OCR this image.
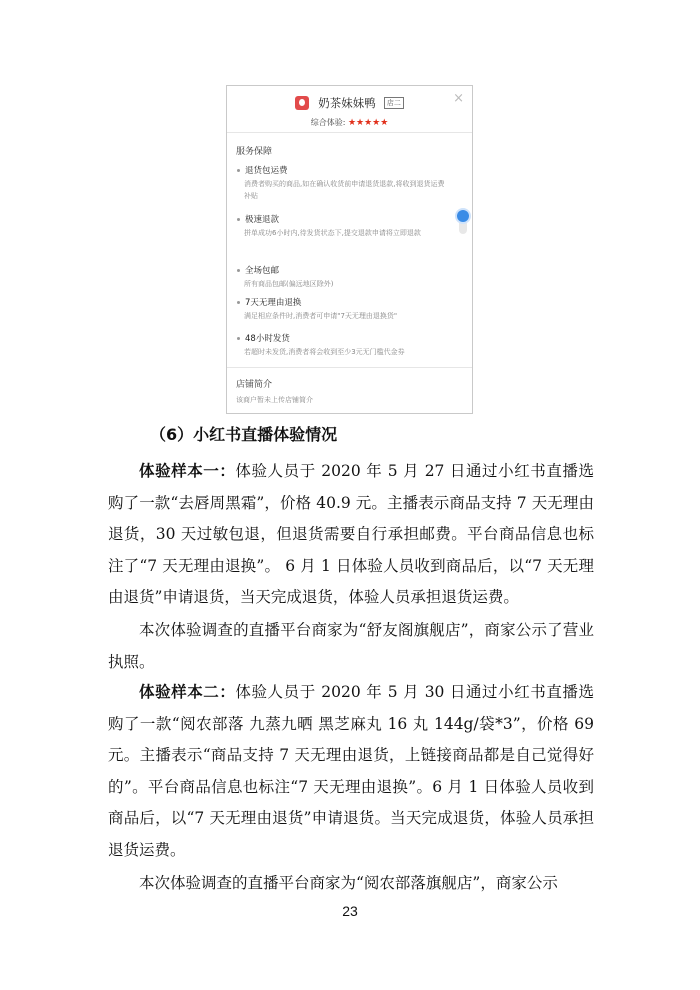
奶茶妹妹鸭 店二	×
综合体验: ★★★★★
服务保障
退货包运费
消费者购买的商品,如在确认收货前申请退货退款,将收到退货运费补贴
极速退款
拼单成功6小时内,待发货状态下,提交退款申请将立即退款
全场包邮
所有商品包邮(偏远地区除外)
7天无理由退换
满足相应条件时,消费者可申请"7天无理由退换货"
48小时发货
若超时未发货,消费者将会收到至少3元无门槛代金券
店铺简介
该商户暂未上传店铺简介
（6）小红书直播体验情况

体验样本一：体验人员于 2020 年 5 月 27 日通过小红书直播选购了一款“去唇周黑霜”，价格 40.9 元。主播表示商品支持 7 天无理由退货，30 天过敏包退，但退货需要自行承担邮费。平台商品信息也标注了“7 天无理由退换”。 6 月 1 日体验人员收到商品后，以“7 天无理由退货”申请退货，当天完成退货，体验人员承担退货运费。

本次体验调查的直播平台商家为“舒友阁旗舰店”，商家公示了营业执照。

体验样本二：体验人员于 2020 年 5 月 30 日通过小红书直播选购了一款“阅农部落 九蒸九晒 黑芝麻丸 16 丸 144g/袋*3”，价格 69 元。主播表示“商品支持 7 天无理由退货，上链接商品都是自己觉得好的”。平台商品信息也标注“7 天无理由退换”。6 月 1 日体验人员收到商品后，以“7 天无理由退货”申请退货。当天完成退货，体验人员承担退货运费。

本次体验调查的直播平台商家为“阅农部落旗舰店”，商家公示

23
